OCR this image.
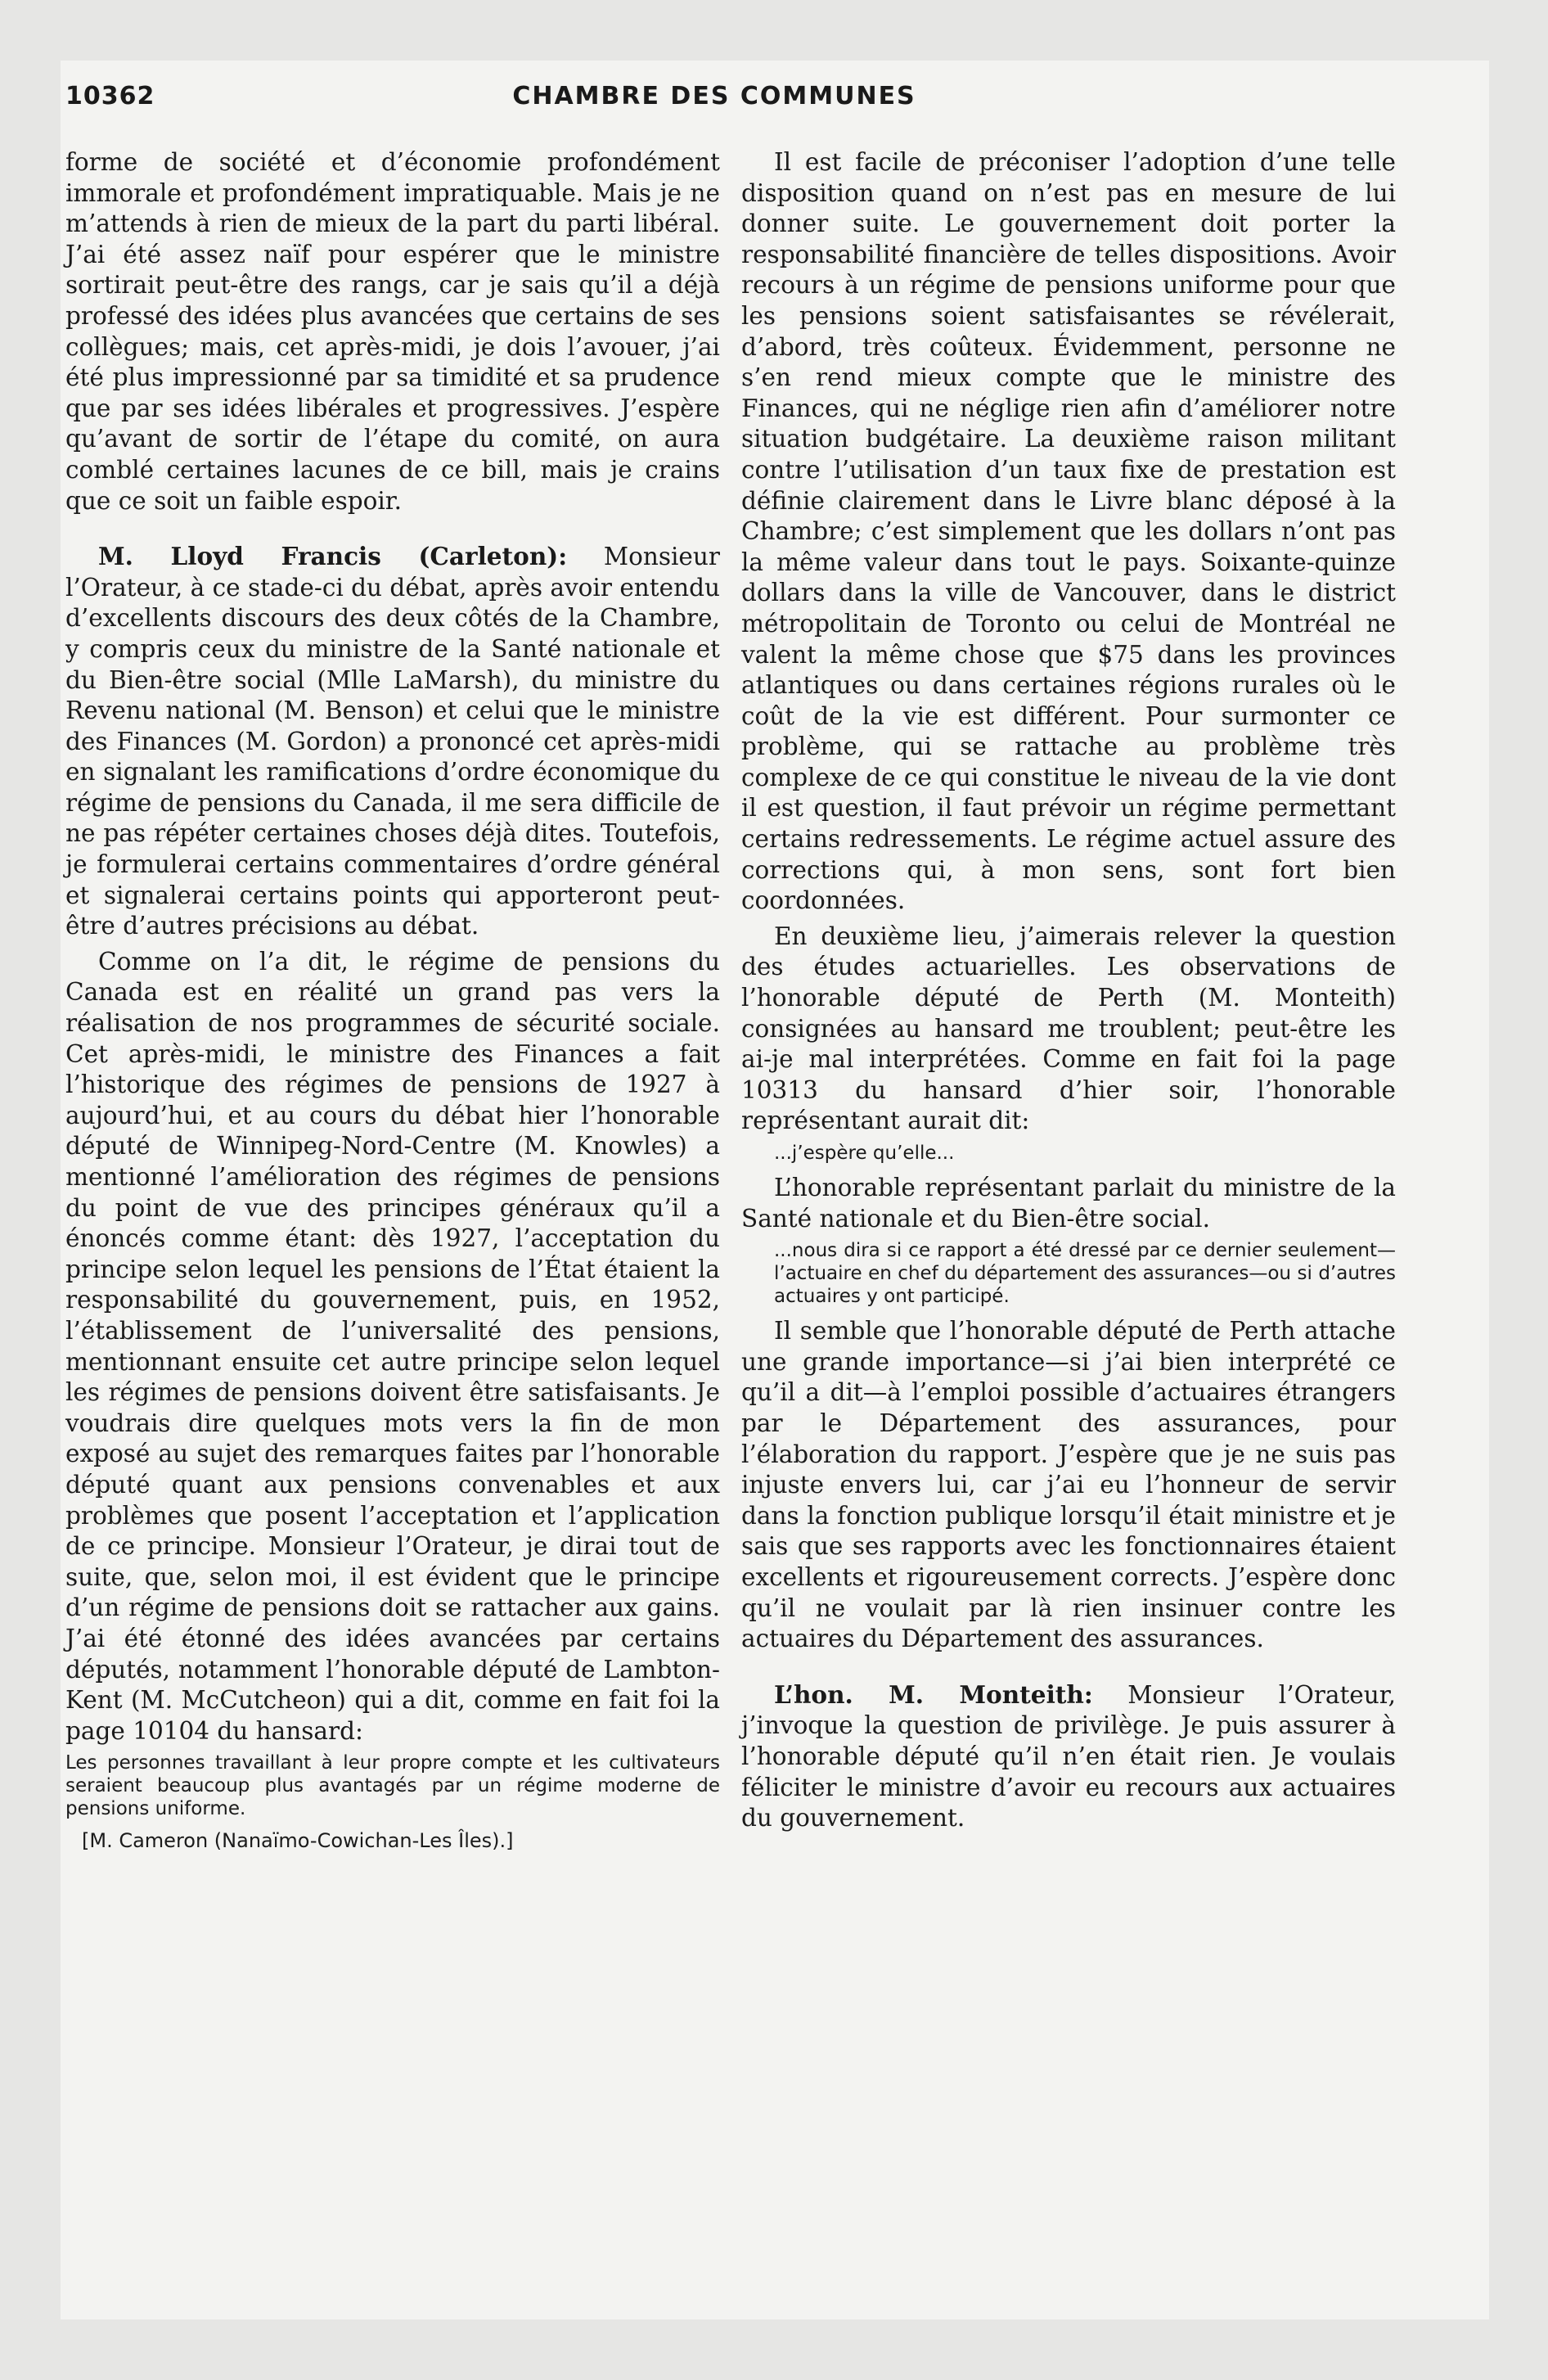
10362	CHAMBRE DES COMMUNES

forme de société et d’économie profondément immorale et profondément impratiquable. Mais je ne m’attends à rien de mieux de la part du parti libéral. J’ai été assez naïf pour espérer que le ministre sortirait peut-être des rangs, car je sais qu’il a déjà professé des idées plus avancées que certains de ses collègues; mais, cet après-midi, je dois l’avouer, j’ai été plus impressionné par sa timidité et sa prudence que par ses idées libérales et progressives. J’espère qu’avant de sortir de l’étape du comité, on aura comblé certaines lacunes de ce bill, mais je crains que ce soit un faible espoir.

M. Lloyd Francis (Carleton): Monsieur l’Orateur, à ce stade-ci du débat, après avoir entendu d’excellents discours des deux côtés de la Chambre, y compris ceux du ministre de la Santé nationale et du Bien-être social (Mlle LaMarsh), du ministre du Revenu national (M. Benson) et celui que le ministre des Finances (M. Gordon) a prononcé cet après-midi en signalant les ramifications d’ordre économique du régime de pensions du Canada, il me sera difficile de ne pas répéter certaines choses déjà dites. Toutefois, je formulerai certains commentaires d’ordre général et signalerai certains points qui apporteront peut-être d’autres précisions au débat.

Comme on l’a dit, le régime de pensions du Canada est en réalité un grand pas vers la réalisation de nos programmes de sécurité sociale. Cet après-midi, le ministre des Finances a fait l’historique des régimes de pensions de 1927 à aujourd’hui, et au cours du débat hier l’honorable député de Winnipeg-Nord-Centre (M. Knowles) a mentionné l’amélioration des régimes de pensions du point de vue des principes généraux qu’il a énoncés comme étant: dès 1927, l’acceptation du principe selon lequel les pensions de l’État étaient la responsabilité du gouvernement, puis, en 1952, l’établissement de l’universalité des pensions, mentionnant ensuite cet autre principe selon lequel les régimes de pensions doivent être satisfaisants. Je voudrais dire quelques mots vers la fin de mon exposé au sujet des remarques faites par l’honorable député quant aux pensions convenables et aux problèmes que posent l’acceptation et l’application de ce principe. Monsieur l’Orateur, je dirai tout de suite, que, selon moi, il est évident que le principe d’un régime de pensions doit se rattacher aux gains. J’ai été étonné des idées avancées par certains députés, notamment l’honorable député de Lambton-Kent (M. McCutcheon) qui a dit, comme en fait foi la page 10104 du hansard:

Les personnes travaillant à leur propre compte et les cultivateurs seraient beaucoup plus avantagés par un régime moderne de pensions uniforme.
[M. Cameron (Nanaïmo-Cowichan-Les Îles).]

Il est facile de préconiser l’adoption d’une telle disposition quand on n’est pas en mesure de lui donner suite. Le gouvernement doit porter la responsabilité financière de telles dispositions. Avoir recours à un régime de pensions uniforme pour que les pensions soient satisfaisantes se révélerait, d’abord, très coûteux. Évidemment, personne ne s’en rend mieux compte que le ministre des Finances, qui ne néglige rien afin d’améliorer notre situation budgétaire. La deuxième raison militant contre l’utilisation d’un taux fixe de prestation est définie clairement dans le Livre blanc déposé à la Chambre; c’est simplement que les dollars n’ont pas la même valeur dans tout le pays. Soixante-quinze dollars dans la ville de Vancouver, dans le district métropolitain de Toronto ou celui de Montréal ne valent la même chose que $75 dans les provinces atlantiques ou dans certaines régions rurales où le coût de la vie est différent. Pour surmonter ce problème, qui se rattache au problème très complexe de ce qui constitue le niveau de la vie dont il est question, il faut prévoir un régime permettant certains redressements. Le régime actuel assure des corrections qui, à mon sens, sont fort bien coordonnées.

En deuxième lieu, j’aimerais relever la question des études actuarielles. Les observations de l’honorable député de Perth (M. Monteith) consignées au hansard me troublent; peut-être les ai-je mal interprétées. Comme en fait foi la page 10313 du hansard d’hier soir, l’honorable représentant aurait dit:

...j’espère qu’elle...

L’honorable représentant parlait du ministre de la Santé nationale et du Bien-être social.

...nous dira si ce rapport a été dressé par ce dernier seulement—l’actuaire en chef du département des assurances—ou si d’autres actuaires y ont participé.

Il semble que l’honorable député de Perth attache une grande importance—si j’ai bien interprété ce qu’il a dit—à l’emploi possible d’actuaires étrangers par le Département des assurances, pour l’élaboration du rapport. J’espère que je ne suis pas injuste envers lui, car j’ai eu l’honneur de servir dans la fonction publique lorsqu’il était ministre et je sais que ses rapports avec les fonctionnaires étaient excellents et rigoureusement corrects. J’espère donc qu’il ne voulait par là rien insinuer contre les actuaires du Département des assurances.

L’hon. M. Monteith: Monsieur l’Orateur, j’invoque la question de privilège. Je puis assurer à l’honorable député qu’il n’en était rien. Je voulais féliciter le ministre d’avoir eu recours aux actuaires du gouvernement.
